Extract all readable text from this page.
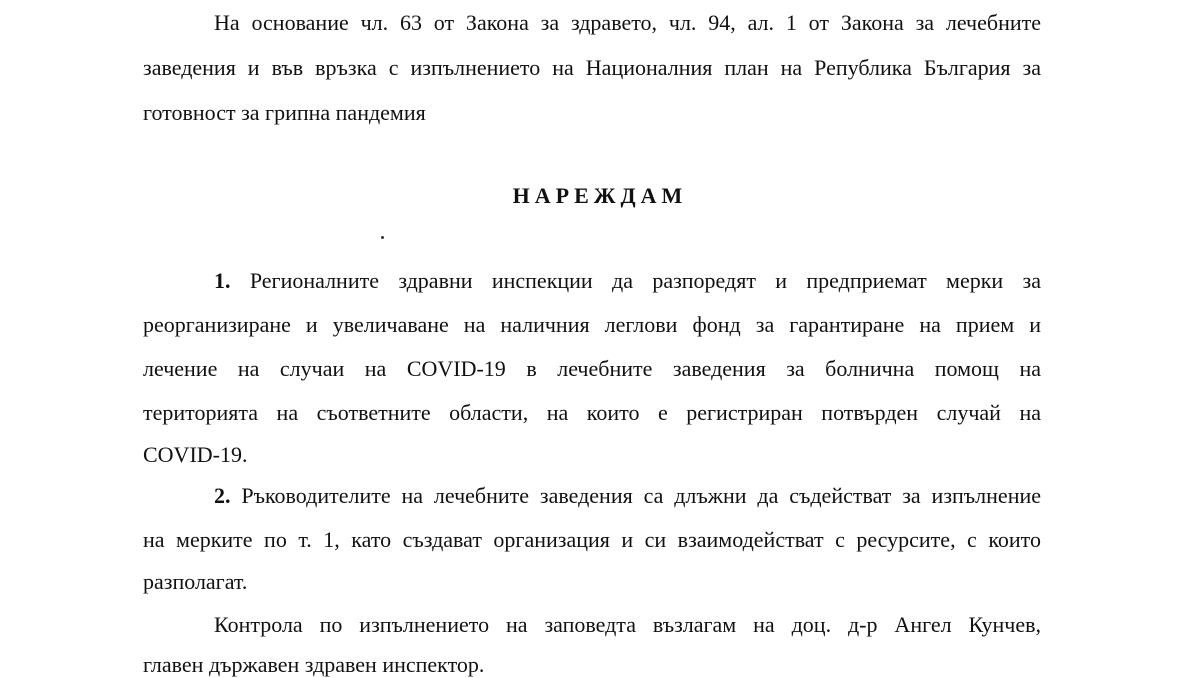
На основание чл. 63 от Закона за здравето, чл. 94, ал. 1 от Закона за лечебните
заведения и във връзка с изпълнението на Националния план на Република България за
готовност за грипна пандемия
НАРЕЖДАМ
1. Регионалните здравни инспекции да разпоредят и предприемат мерки за
реорганизиране и увеличаване на наличния леглови фонд за гарантиране на прием и
лечение на случаи на COVID-19 в лечебните заведения за болнична помощ на
територията на съответните области, на които е регистриран потвърден случай на
COVID-19.
2. Ръководителите на лечебните заведения са длъжни да съдействат за изпълнение
на мерките по т. 1, като създават организация и си взаимодействат с ресурсите, с които
разполагат.
Контрола по изпълнението на заповедта възлагам на доц. д-р Ангел Кунчев,
главен държавен здравен инспектор.
